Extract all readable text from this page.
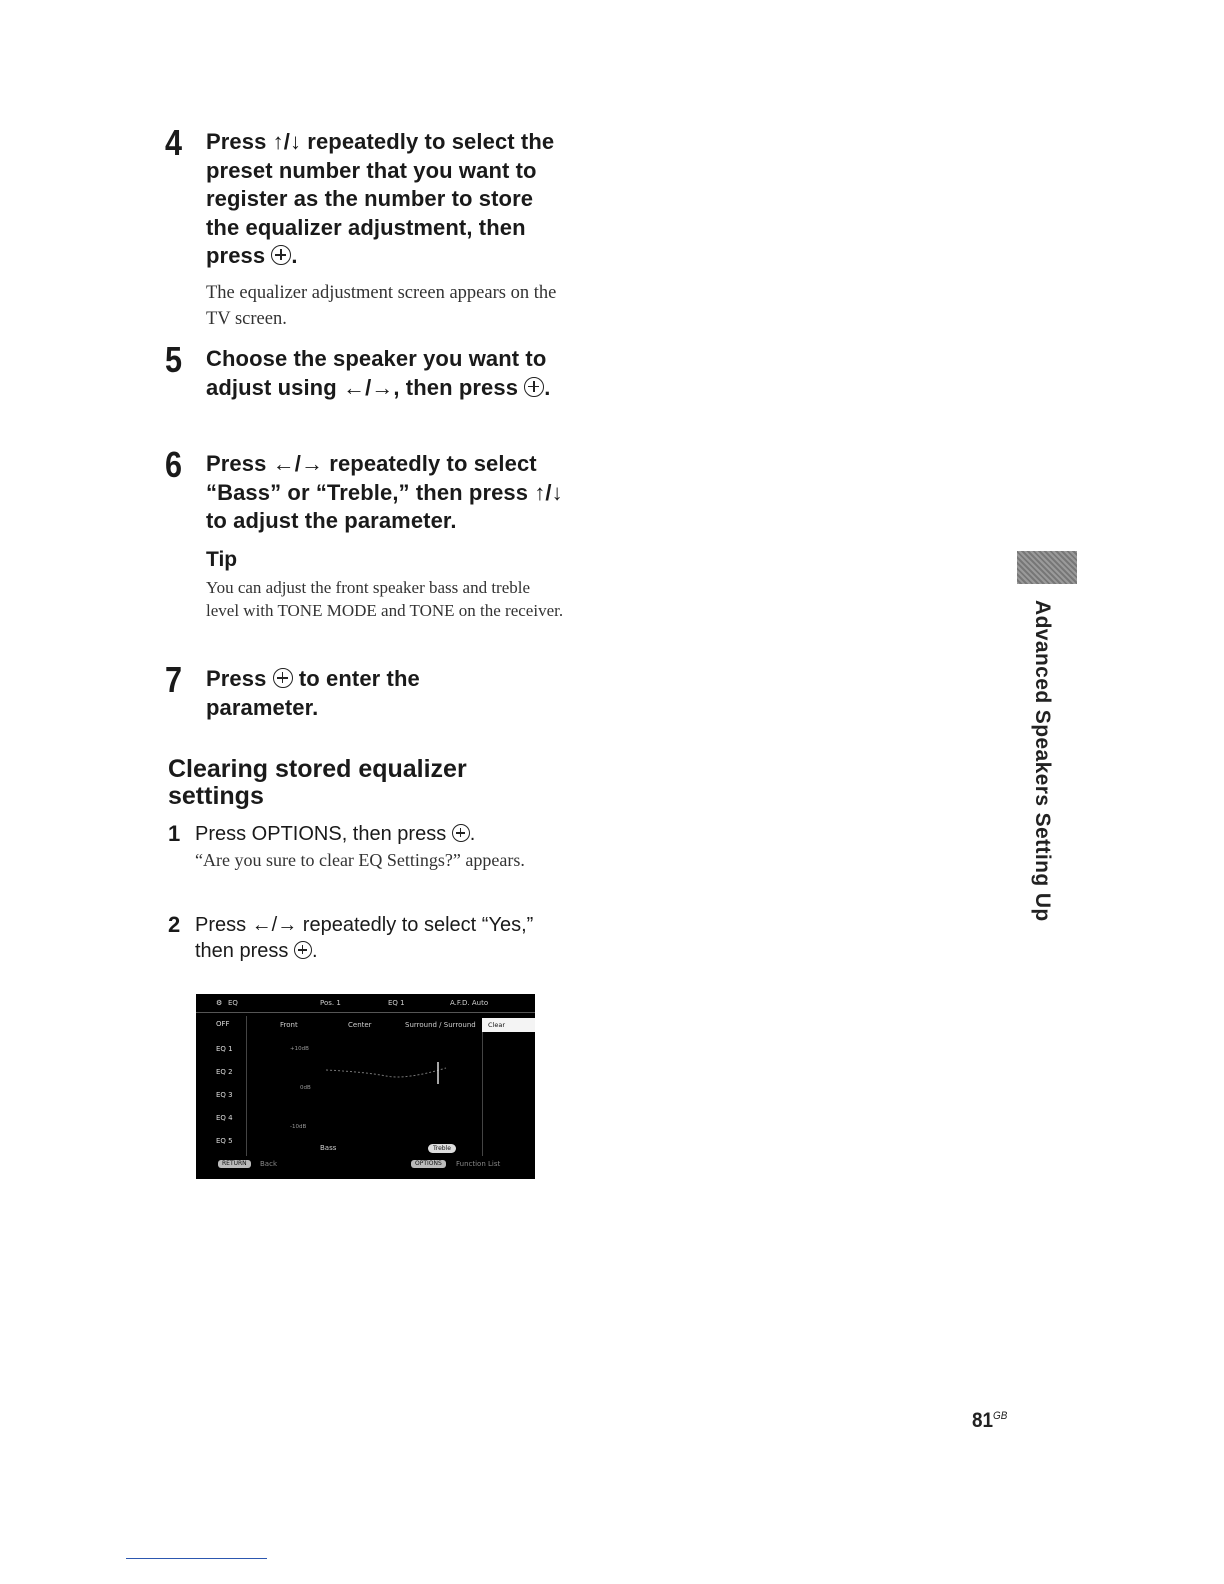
4 Press ↑/↓ repeatedly to select the preset number that you want to register as the number to store the equalizer adjustment, then press .
The equalizer adjustment screen appears on the TV screen.
5 Choose the speaker you want to adjust using ←/→, then press .
6 Press ←/→ repeatedly to select “Bass” or “Treble,” then press ↑/↓ to adjust the parameter.
Tip
You can adjust the front speaker bass and treble level with TONE MODE and TONE on the receiver.
7 Press  to enter the parameter.
Clearing stored equalizer settings
1 Press OPTIONS, then press .
“Are you sure to clear EQ Settings?” appears.
2 Press ←/→ repeatedly to select “Yes,” then press .
⚙ EQ	Pos. 1	EQ 1	A.F.D. Auto
OFF
EQ 1
EQ 2
EQ 3
EQ 4
EQ 5
Front	Center	Surround / Surround
+10dB
0dB
-10dB
Bass	Treble
Clear
RETURN	Back	OPTIONS	Function List
Advanced Speakers Setting Up
$81^{GB}$
